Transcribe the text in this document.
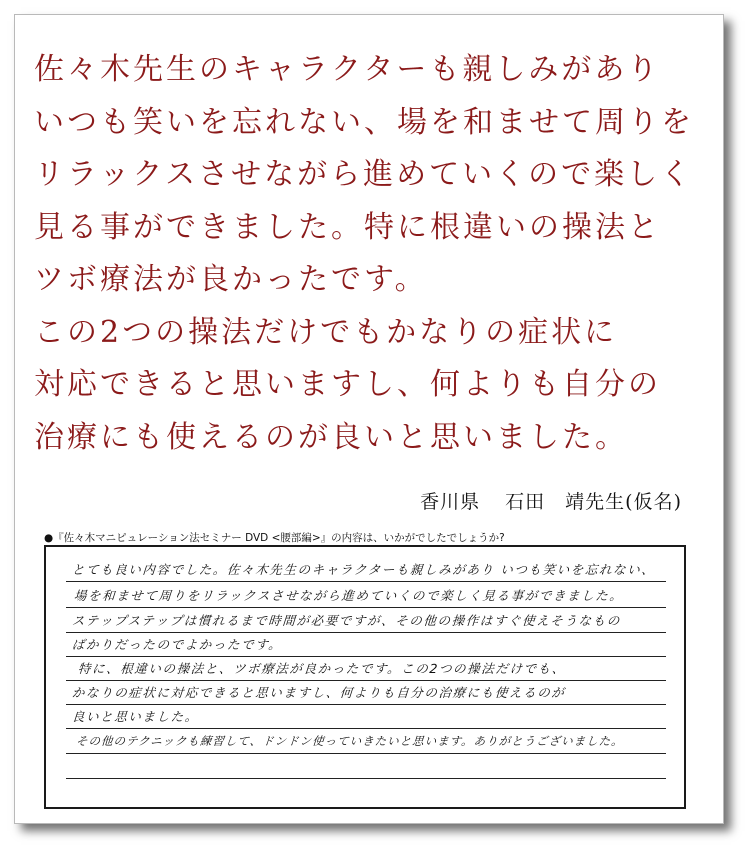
佐々木先生のキャラクターも親しみがあり
いつも笑いを忘れない、場を和ませて周りを
リラックスさせながら進めていくので楽しく
見る事ができました。特に根違いの操法と
ツボ療法が良かったです。
この2つの操法だけでもかなりの症状に
対応できると思いますし、何よりも自分の
治療にも使えるのが良いと思いました。
香川県 石田　靖先生(仮名)
●『佐々木マニピュレーション法セミナー DVD <腰部編>』の内容は、いかがでしたでしょうか?
とても良い内容でした。佐々木先生のキャラクターも親しみがあり いつも笑いを忘れない、
場を和ませて周りをリラックスさせながら進めていくので楽しく見る事ができました。
ステップステップは慣れるまで時間が必要ですが、その他の操作はすぐ使えそうなもの
ばかりだったのでよかったです。
特に、根違いの操法と、ツボ療法が良かったです。この2つの操法だけでも、
かなりの症状に対応できると思いますし、何よりも自分の治療にも使えるのが
良いと思いました。
その他のテクニックも練習して、ドンドン使っていきたいと思います。ありがとうございました。
